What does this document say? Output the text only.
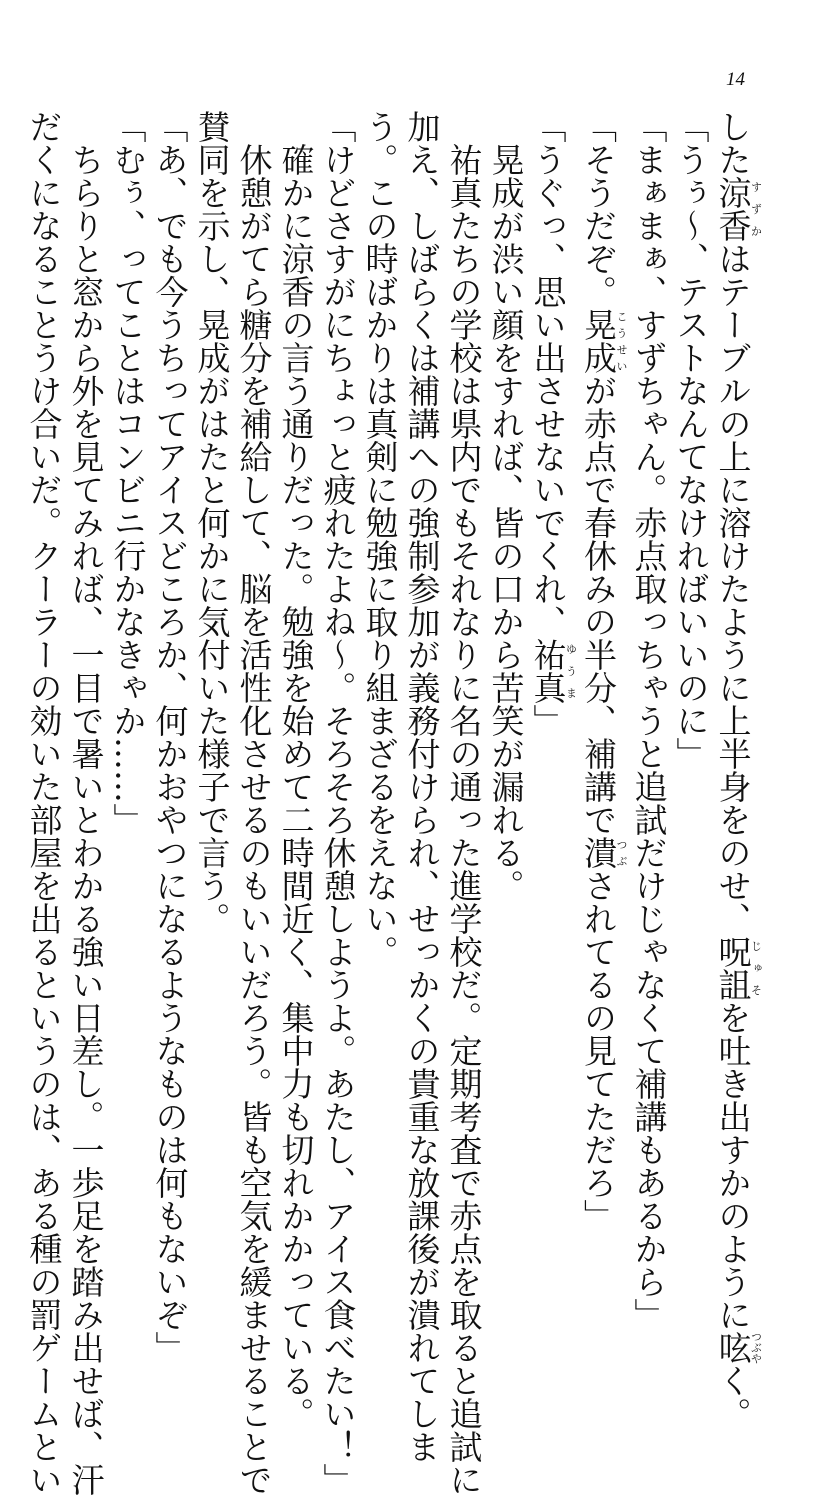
14
した涼香すずかはテーブルの上に溶けたように上半身をのせ、呪詛じゅそを吐き出すかのように呟つぶやく。
「うぅ～、テストなんてなければいいのに」
「まぁまぁ、すずちゃん。赤点取っちゃうと追試だけじゃなくて補講もあるから」
「そうだぞ。晃成こうせいが赤点で春休みの半分、補講で潰つぶされてるの見てただろ」
「うぐっ、思い出させないでくれ、祐真ゆうま」
　晃成が渋い顔をすれば、皆の口から苦笑が漏れる。
　祐真たちの学校は県内でもそれなりに名の通った進学校だ。定期考査で赤点を取ると追試に
加え、しばらくは補講への強制参加が義務付けられ、せっかくの貴重な放課後が潰れてしま
う。この時ばかりは真剣に勉強に取り組まざるをえない。
「けどさすがにちょっと疲れたよね～。そろそろ休憩しようよ。あたし、アイス食べたい！」
　確かに涼香の言う通りだった。勉強を始めて二時間近く、集中力も切れかかっている。
　休憩がてら糖分を補給して、脳を活性化させるのもいいだろう。皆も空気を緩ませることで
賛同を示し、晃成がはたと何かに気付いた様子で言う。
「あ、でも今うちってアイスどころか、何かおやつになるようなものは何もないぞ」
「むぅ、ってことはコンビニ行かなきゃか……」
　ちらりと窓から外を見てみれば、一目で暑いとわかる強い日差し。一歩足を踏み出せば、汗
だくになることうけ合いだ。クーラーの効いた部屋を出るというのは、ある種の罰ゲームとい
